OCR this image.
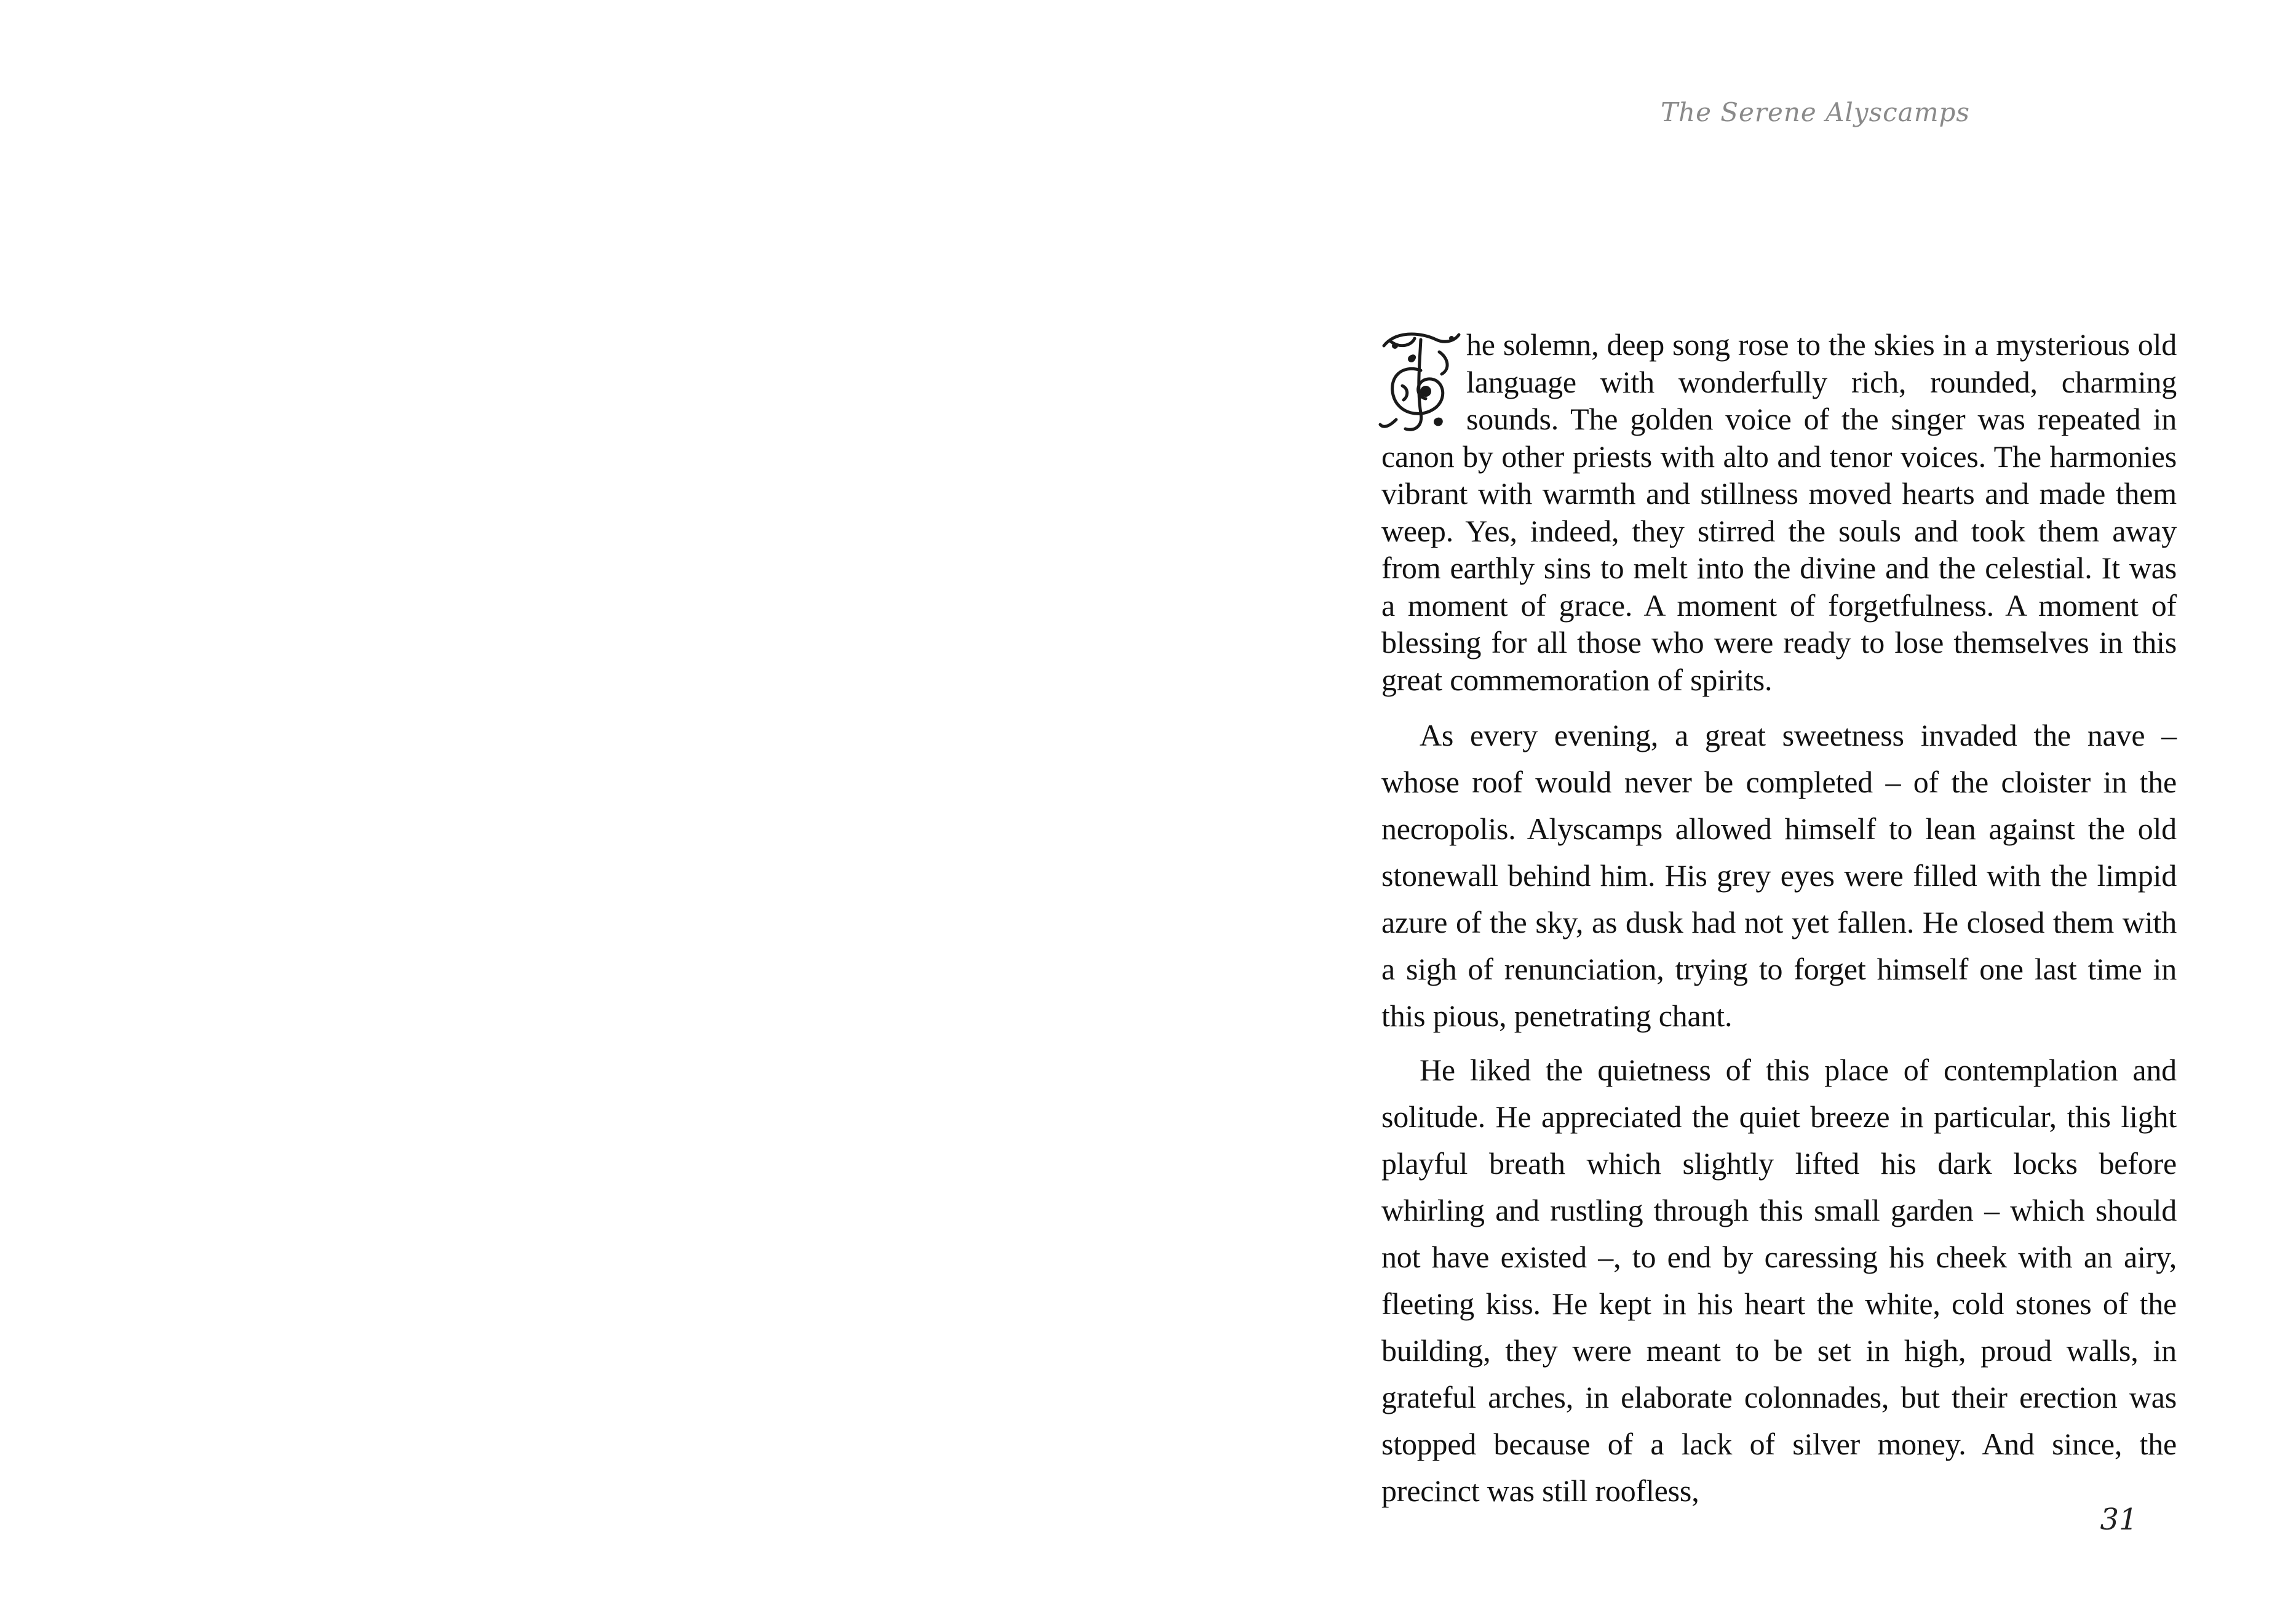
The Serene Alyscamps

he solemn, deep song rose to the skies in a mysterious old language with wonderfully rich, rounded, charming sounds. The golden voice of the singer was repeated in canon by other priests with alto and tenor voices. The harmonies vibrant with warmth and stillness moved hearts and made them weep. Yes, indeed, they stirred the souls and took them away from earthly sins to melt into the divine and the celestial. It was a moment of grace. A moment of forgetfulness. A moment of blessing for all those who were ready to lose themselves in this great commemoration of spirits.

As every evening, a great sweetness invaded the nave – whose roof would never be completed – of the cloister in the necropolis. Alyscamps allowed himself to lean against the old stonewall behind him. His grey eyes were filled with the limpid azure of the sky, as dusk had not yet fallen. He closed them with a sigh of renunciation, trying to forget himself one last time in this pious, penetrating chant.

He liked the quietness of this place of contemplation and solitude. He appreciated the quiet breeze in particular, this light playful breath which slightly lifted his dark locks before whirling and rustling through this small garden – which should not have existed –, to end by caressing his cheek with an airy, fleeting kiss. He kept in his heart the white, cold stones of the building, they were meant to be set in high, proud walls, in grateful arches, in elaborate colonnades, but their erection was stopped because of a lack of silver money. And since, the precinct was still roofless,

31
